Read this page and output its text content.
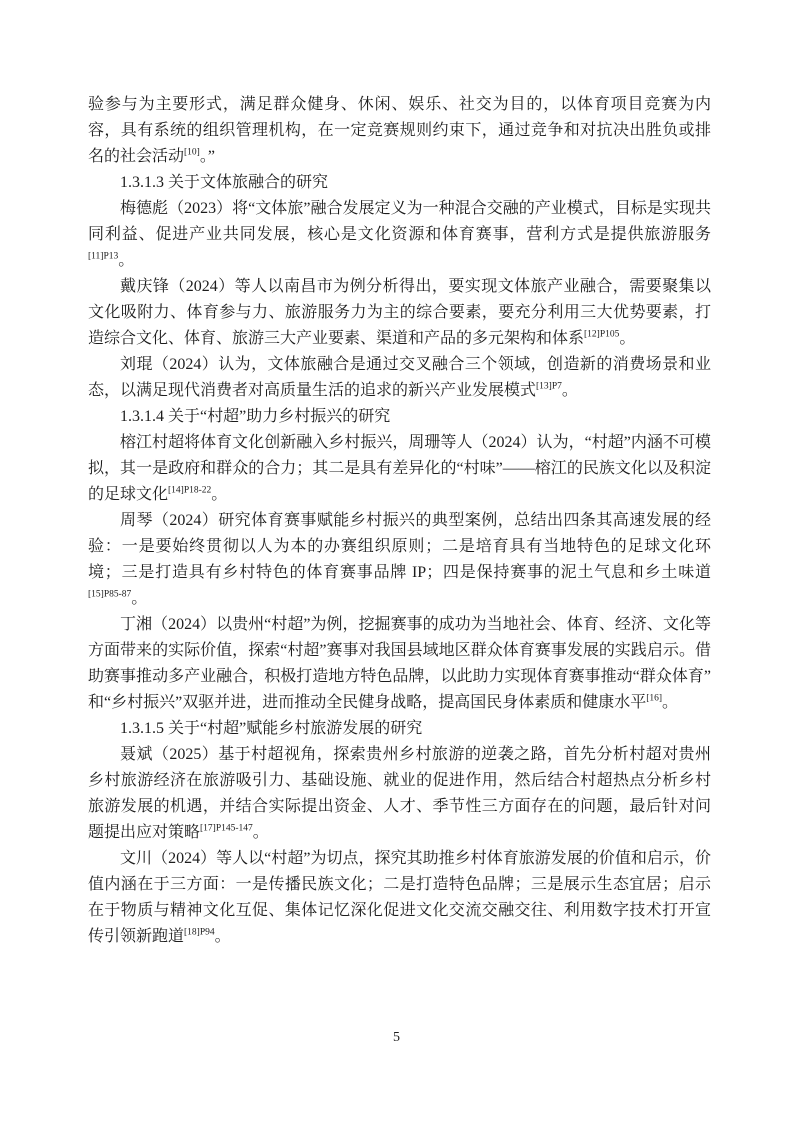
验参与为主要形式，满足群众健身、休闲、娱乐、社交为目的，以体育项目竞赛为内容，具有系统的组织管理机构，在一定竞赛规则约束下，通过竞争和对抗决出胜负或排名的社会活动[10]。”

1.3.1.3 关于文体旅融合的研究

梅德彪（2023）将“文体旅”融合发展定义为一种混合交融的产业模式，目标是实现共同利益、促进产业共同发展，核心是文化资源和体育赛事，营利方式是提供旅游服务$^{[11]P13}$。

戴庆锋（2024）等人以南昌市为例分析得出，要实现文体旅产业融合，需要聚集以文化吸附力、体育参与力、旅游服务力为主的综合要素，要充分利用三大优势要素，打造综合文化、体育、旅游三大产业要素、渠道和产品的多元架构和体系$^{[12]P105}$。

刘琨（2024）认为，文体旅融合是通过交叉融合三个领域，创造新的消费场景和业态，以满足现代消费者对高质量生活的追求的新兴产业发展模式$^{[13]P7}$。

1.3.1.4 关于“村超”助力乡村振兴的研究

榕江村超将体育文化创新融入乡村振兴，周珊等人（2024）认为，“村超”内涵不可模拟，其一是政府和群众的合力；其二是具有差异化的“村味”——榕江的民族文化以及积淀的足球文化$^{[14]P18-22}$。

周琴（2024）研究体育赛事赋能乡村振兴的典型案例，总结出四条其高速发展的经验：一是要始终贯彻以人为本的办赛组织原则；二是培育具有当地特色的足球文化环境；三是打造具有乡村特色的体育赛事品牌 IP；四是保持赛事的泥土气息和乡土味道$^{[15]P85-87}$。

丁湘（2024）以贵州“村超”为例，挖掘赛事的成功为当地社会、体育、经济、文化等方面带来的实际价值，探索“村超”赛事对我国县域地区群众体育赛事发展的实践启示。借助赛事推动多产业融合，积极打造地方特色品牌，以此助力实现体育赛事推动“群众体育”和“乡村振兴”双驱并进，进而推动全民健身战略，提高国民身体素质和健康水平[16]。

1.3.1.5 关于“村超”赋能乡村旅游发展的研究

聂斌（2025）基于村超视角，探索贵州乡村旅游的逆袭之路，首先分析村超对贵州乡村旅游经济在旅游吸引力、基础设施、就业的促进作用，然后结合村超热点分析乡村旅游发展的机遇，并结合实际提出资金、人才、季节性三方面存在的问题，最后针对问题提出应对策略$^{[17]P145-147}$。

文川（2024）等人以“村超”为切点，探究其助推乡村体育旅游发展的价值和启示，价值内涵在于三方面：一是传播民族文化；二是打造特色品牌；三是展示生态宜居；启示在于物质与精神文化互促、集体记忆深化促进文化交流交融交往、利用数字技术打开宣传引领新跑道$^{[18]P94}$。

5
